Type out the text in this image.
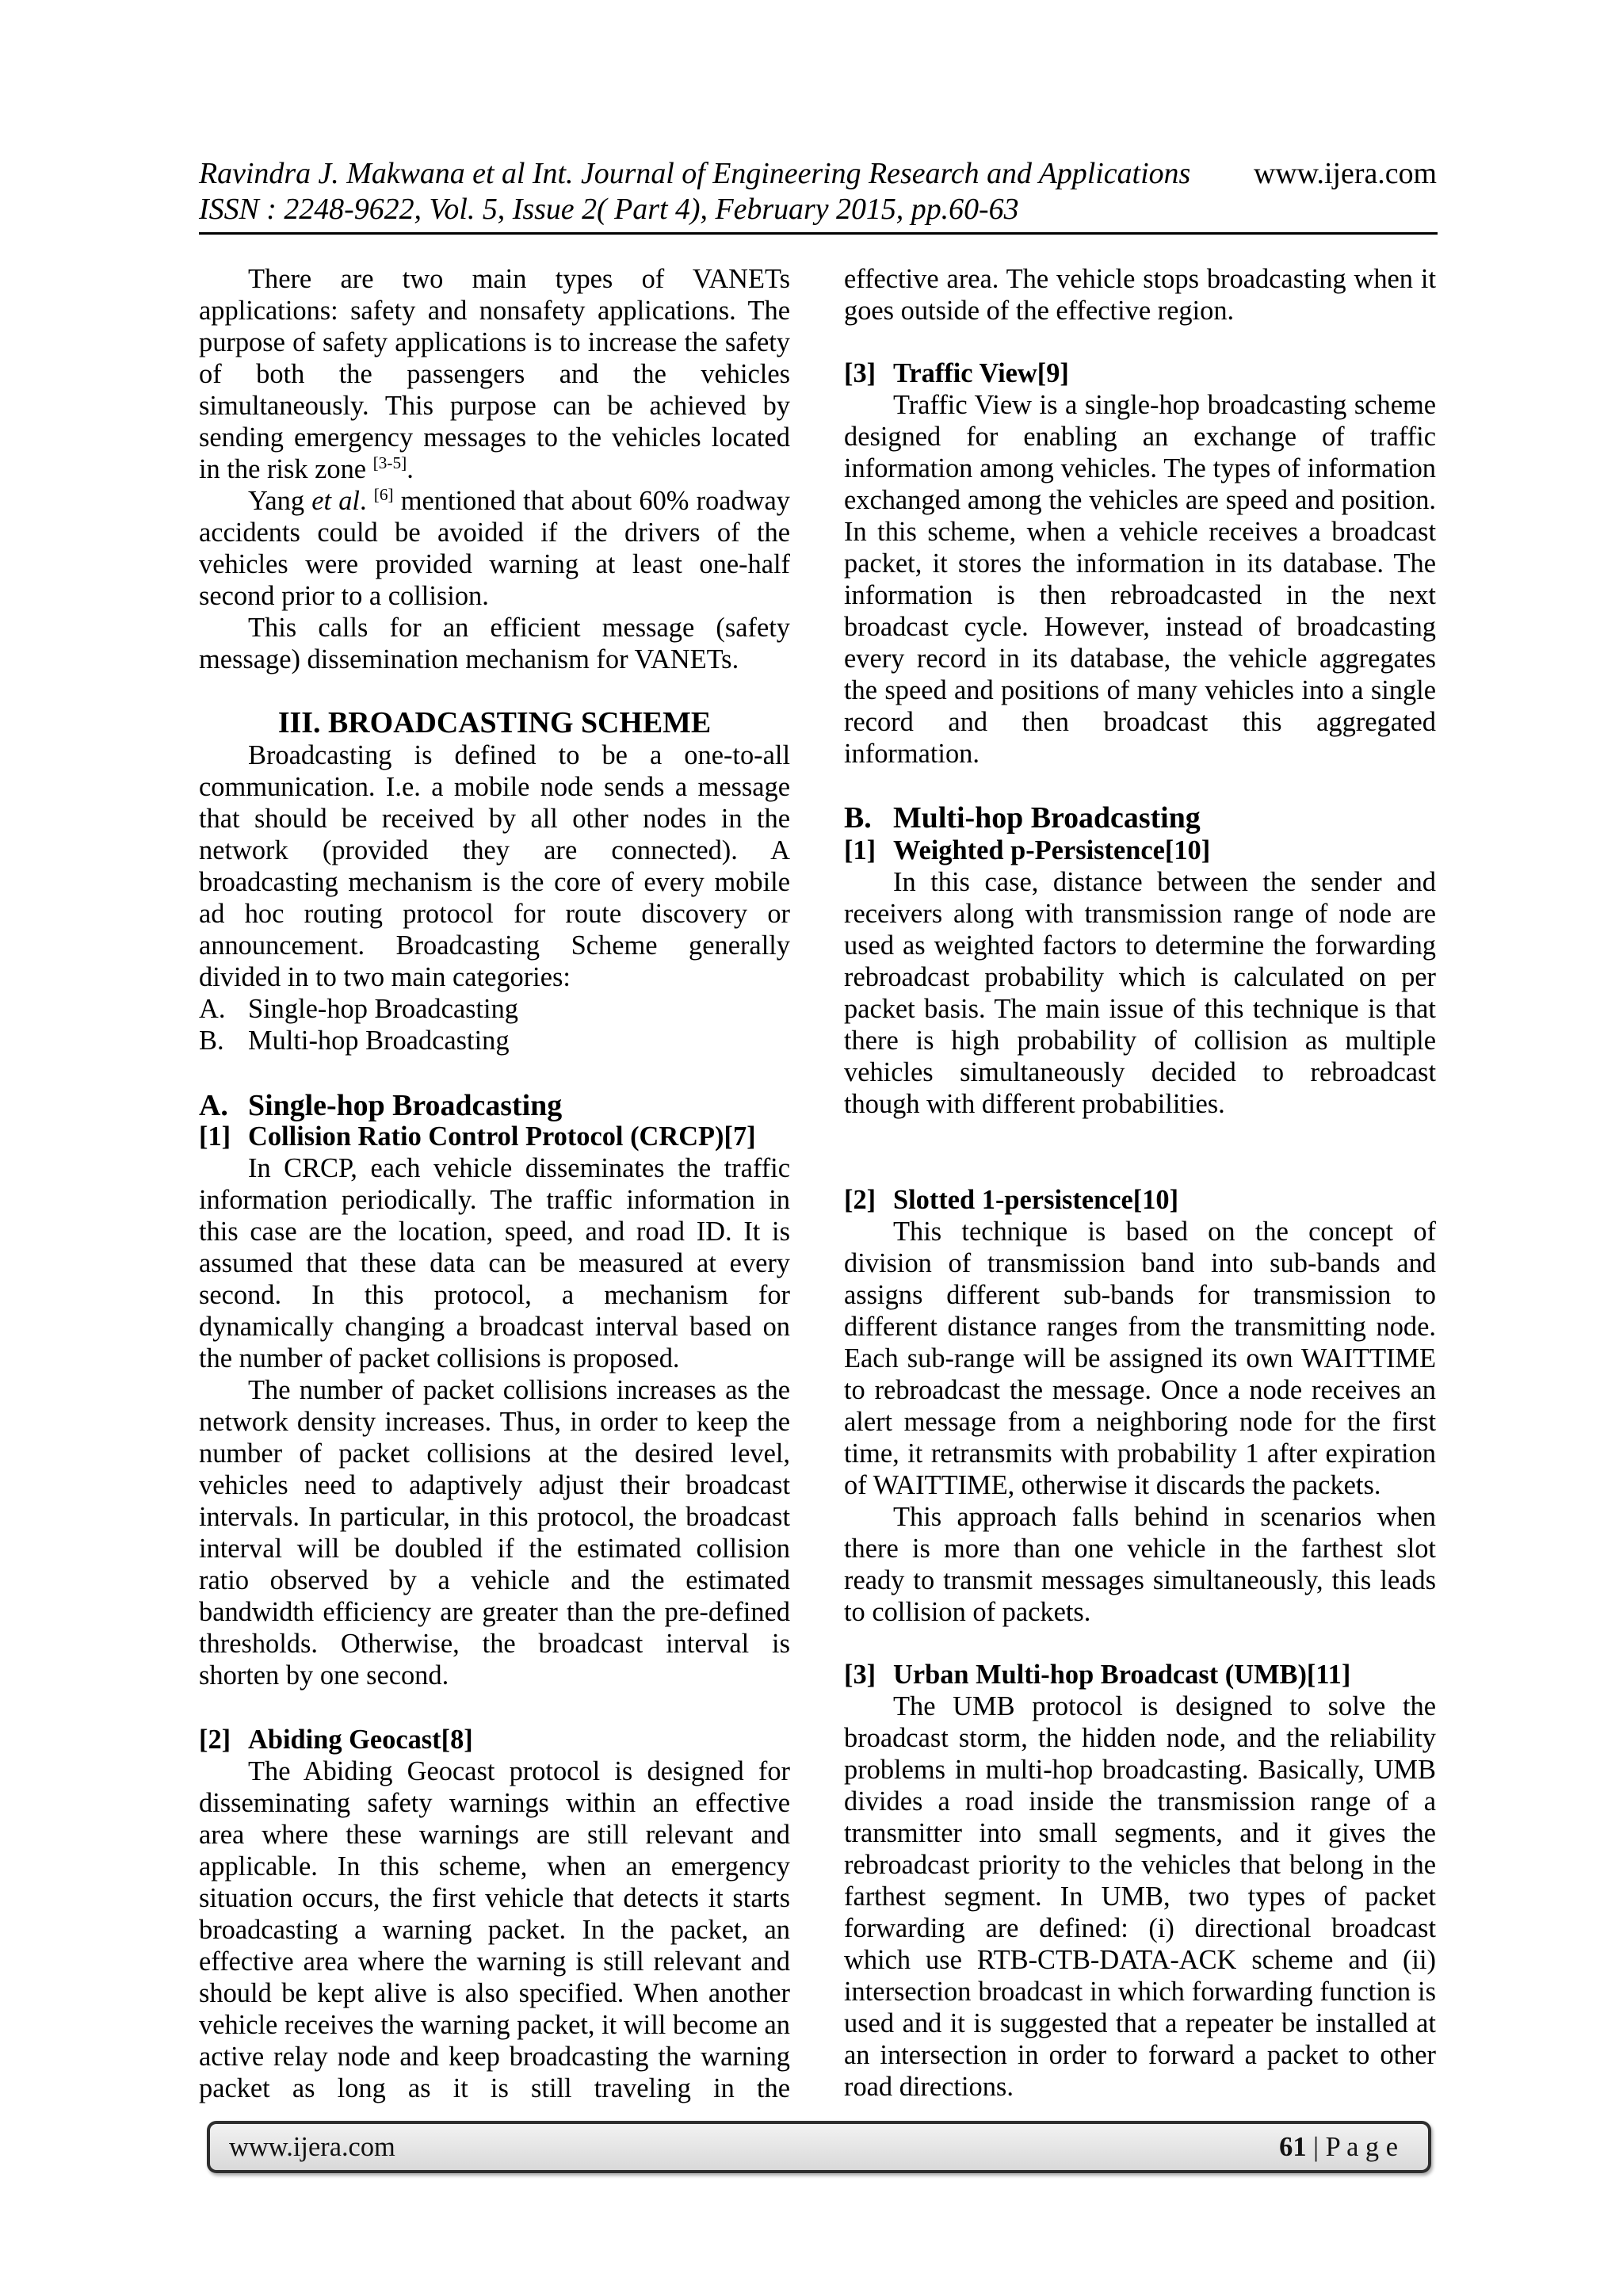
Ravindra J. Makwana et al Int. Journal of Engineering Research and Applications www.ijera.com
ISSN : 2248-9622, Vol. 5, Issue 2( Part 4), February 2015, pp.60-63

There are two main types of VANETs applications: safety and nonsafety applications. The purpose of safety applications is to increase the safety of both the passengers and the vehicles simultaneously. This purpose can be achieved by sending emergency messages to the vehicles located in the risk zone [3-5].

Yang et al. [6] mentioned that about 60% roadway accidents could be avoided if the drivers of the vehicles were provided warning at least one-half second prior to a collision.

This calls for an efficient message (safety message) dissemination mechanism for VANETs.

III. BROADCASTING SCHEME

Broadcasting is defined to be a one-to-all communication. I.e. a mobile node sends a message that should be received by all other nodes in the network (provided they are connected). A broadcasting mechanism is the core of every mobile ad hoc routing protocol for route discovery or announcement. Broadcasting Scheme generally divided in to two main categories:

A. Single-hop Broadcasting
B. Multi-hop Broadcasting
A. Single-hop Broadcasting
[1] Collision Ratio Control Protocol (CRCP)[7]

In CRCP, each vehicle disseminates the traffic information periodically. The traffic information in this case are the location, speed, and road ID. It is assumed that these data can be measured at every second. In this protocol, a mechanism for dynamically changing a broadcast interval based on the number of packet collisions is proposed.

The number of packet collisions increases as the network density increases. Thus, in order to keep the number of packet collisions at the desired level, vehicles need to adaptively adjust their broadcast intervals. In particular, in this protocol, the broadcast interval will be doubled if the estimated collision ratio observed by a vehicle and the estimated bandwidth efficiency are greater than the pre-defined thresholds. Otherwise, the broadcast interval is shorten by one second.

[2] Abiding Geocast[8]

The Abiding Geocast protocol is designed for disseminating safety warnings within an effective area where these warnings are still relevant and applicable. In this scheme, when an emergency situation occurs, the first vehicle that detects it starts broadcasting a warning packet. In the packet, an effective area where the warning is still relevant and should be kept alive is also specified. When another vehicle receives the warning packet, it will become an active relay node and keep broadcasting the warning packet as long as it is still traveling in the

effective area. The vehicle stops broadcasting when it goes outside of the effective region.

[3] Traffic View[9]

Traffic View is a single-hop broadcasting scheme designed for enabling an exchange of traffic information among vehicles. The types of information exchanged among the vehicles are speed and position. In this scheme, when a vehicle receives a broadcast packet, it stores the information in its database. The information is then rebroadcasted in the next broadcast cycle. However, instead of broadcasting every record in its database, the vehicle aggregates the speed and positions of many vehicles into a single record and then broadcast this aggregated information.

B. Multi-hop Broadcasting
[1] Weighted p-Persistence[10]

In this case, distance between the sender and receivers along with transmission range of node are used as weighted factors to determine the forwarding rebroadcast probability which is calculated on per packet basis. The main issue of this technique is that there is high probability of collision as multiple vehicles simultaneously decided to rebroadcast though with different probabilities.

[2] Slotted 1-persistence[10]

This technique is based on the concept of division of transmission band into sub-bands and assigns different sub-bands for transmission to different distance ranges from the transmitting node. Each sub-range will be assigned its own WAITTIME to rebroadcast the message. Once a node receives an alert message from a neighboring node for the first time, it retransmits with probability 1 after expiration of WAITTIME, otherwise it discards the packets.

This approach falls behind in scenarios when there is more than one vehicle in the farthest slot ready to transmit messages simultaneously, this leads to collision of packets.

[3] Urban Multi-hop Broadcast (UMB)[11]

The UMB protocol is designed to solve the broadcast storm, the hidden node, and the reliability problems in multi-hop broadcasting. Basically, UMB divides a road inside the transmission range of a transmitter into small segments, and it gives the rebroadcast priority to the vehicles that belong in the farthest segment. In UMB, two types of packet forwarding are defined: (i) directional broadcast which use RTB-CTB-DATA-ACK scheme and (ii) intersection broadcast in which forwarding function is used and it is suggested that a repeater be installed at an intersection in order to forward a packet to other road directions.

www.ijera.com	61 | P a g e
